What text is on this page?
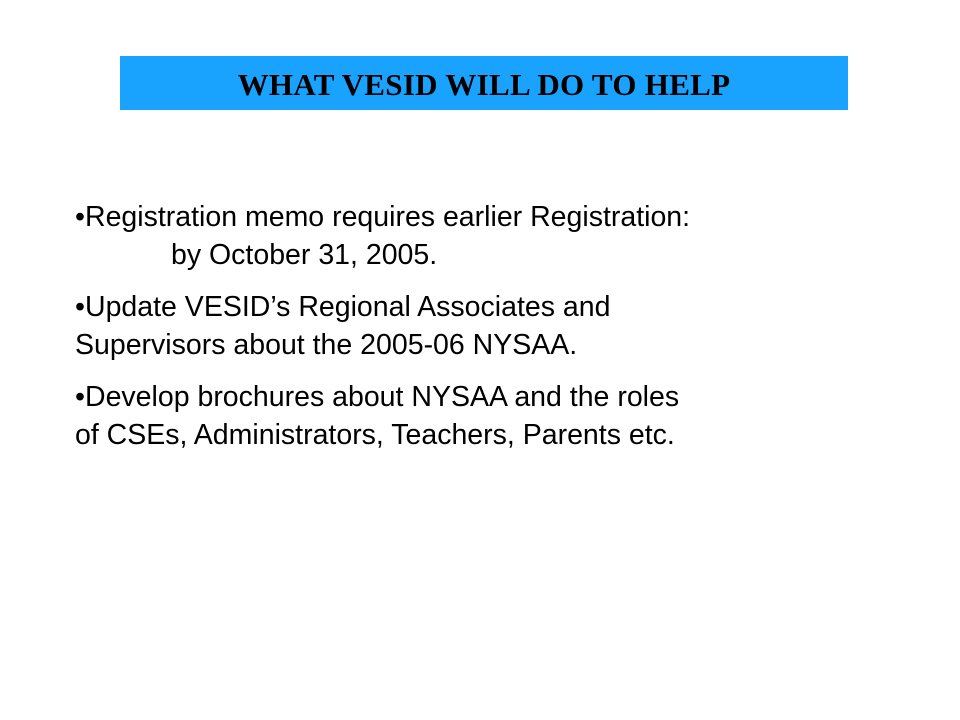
WHAT VESID WILL DO TO HELP

•Registration memo requires earlier Registration:
by October 31, 2005.

•Update VESID’s Regional Associates and
Supervisors about the 2005-06 NYSAA.

•Develop brochures about NYSAA and the roles
of CSEs, Administrators, Teachers, Parents etc.
